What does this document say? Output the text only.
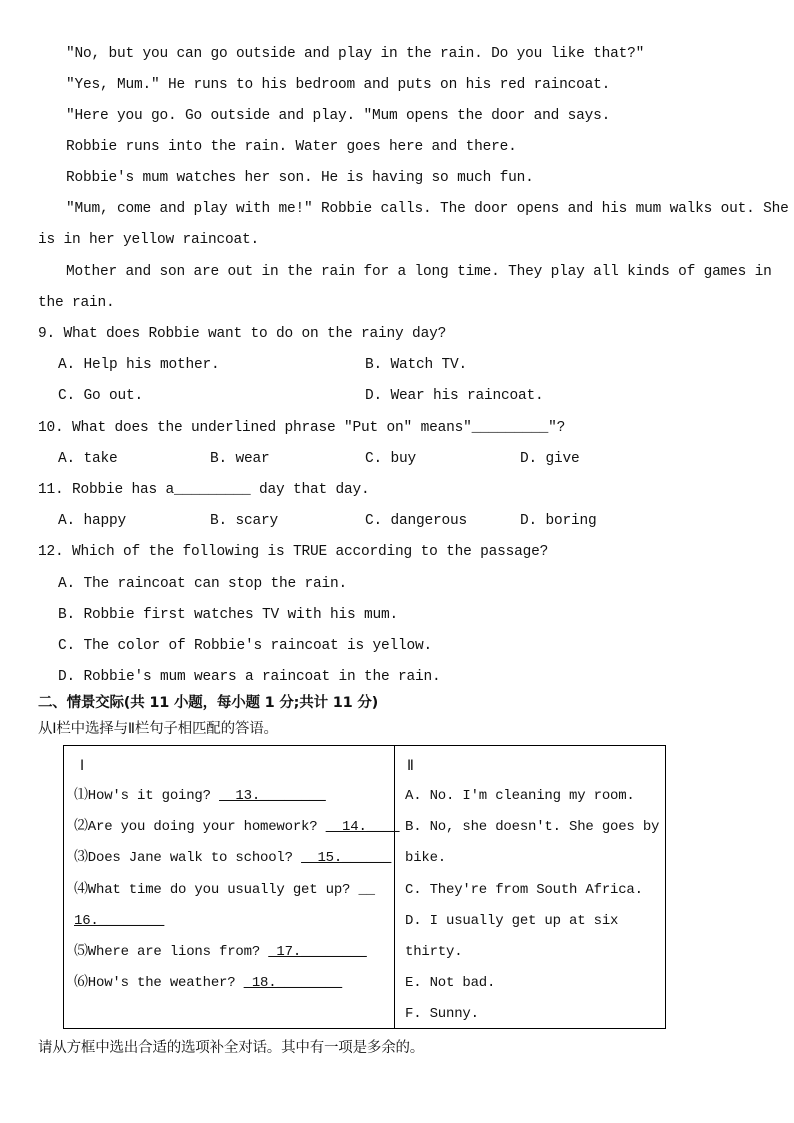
"No, but you can go outside and play in the rain. Do you like that?"
"Yes, Mum." He runs to his bedroom and puts on his red raincoat.
"Here you go. Go outside and play. "Mum opens the door and says.
Robbie runs into the rain. Water goes here and there.
Robbie's mum watches her son. He is having so much fun.
"Mum, come and play with me!" Robbie calls. The door opens and his mum walks out. She
is in her yellow raincoat.
Mother and son are out in the rain for a long time. They play all kinds of games in
the rain.
9. What does Robbie want to do on the rainy day?
A. Help his mother.	B. Watch TV.
C. Go out.	D. Wear his raincoat.
10. What does the underlined phrase "Put on" means"_________"?
A. take	B. wear	C. buy	D. give
11. Robbie has a_________ day that day.
A. happy	B. scary	C. dangerous	D. boring
12. Which of the following is TRUE according to the passage?
A. The raincoat can stop the rain.
B. Robbie first watches TV with his mum.
C. The color of Robbie's raincoat is yellow.
D. Robbie's mum wears a raincoat in the rain.
二、情景交际(共 11 小题，每小题 1 分;共计 11 分)
从Ⅰ栏中选择与Ⅱ栏句子相匹配的答语。
Ⅰ
⑴How's it going?   13.________
⑵Are you doing your homework?   14.____
⑶Does Jane walk to school?   15.______
⑷What time do you usually get up? __
16.________
⑸Where are lions from?  17.________
⑹How's the weather?  18.________
Ⅱ
A. No. I'm cleaning my room.
B. No, she doesn't. She goes by
bike.
C. They're from South Africa.
D. I usually get up at six
thirty.
E. Not bad.
F. Sunny.
请从方框中选出合适的选项补全对话。其中有一项是多余的。
